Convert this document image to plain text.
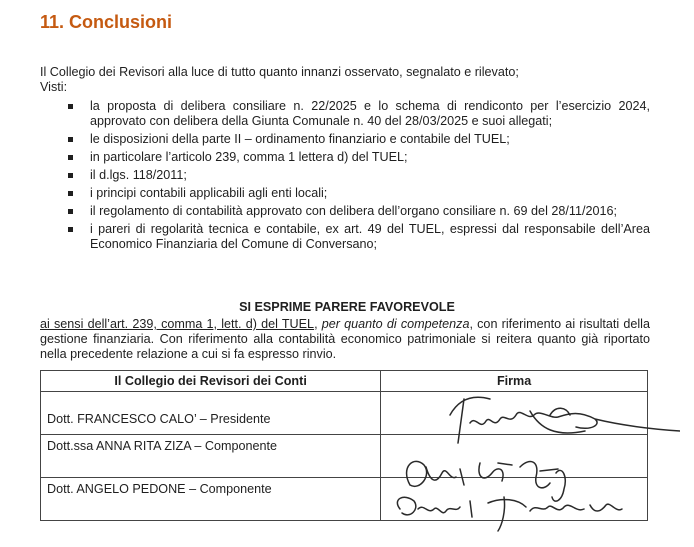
11. Conclusioni

Il Collegio dei Revisori alla luce di tutto quanto innanzi osservato, segnalato e rilevato;

Visti:

la proposta di delibera consiliare n. 22/2025 e lo schema di rendiconto per l’esercizio 2024, approvato con delibera della Giunta Comunale n. 40 del 28/03/2025 e suoi allegati;
le disposizioni della parte II – ordinamento finanziario e contabile del TUEL;
in particolare l’articolo 239, comma 1 lettera d) del TUEL;
il d.lgs. 118/2011;
i principi contabili applicabili agli enti locali;
il regolamento di contabilità approvato con delibera dell’organo consiliare n. 69 del 28/11/2016;
i pareri di regolarità tecnica e contabile, ex art. 49 del TUEL, espressi dal responsabile dell’Area Economico Finanziaria del Comune di Conversano;

SI ESPRIME PARERE FAVOREVOLE

ai sensi dell’art. 239, comma 1, lett. d) del TUEL, per quanto di competenza, con riferimento ai risultati della gestione finanziaria. Con riferimento alla contabilità economico patrimoniale si reitera quanto già riportato nella precedente relazione a cui si fa espresso rinvio.

Il Collegio dei Revisori dei Conti	Firma
Dott. FRANCESCO CALO’ – Presidente	
Dott.ssa ANNA RITA ZIZA – Componente	
Dott. ANGELO PEDONE – Componente	
